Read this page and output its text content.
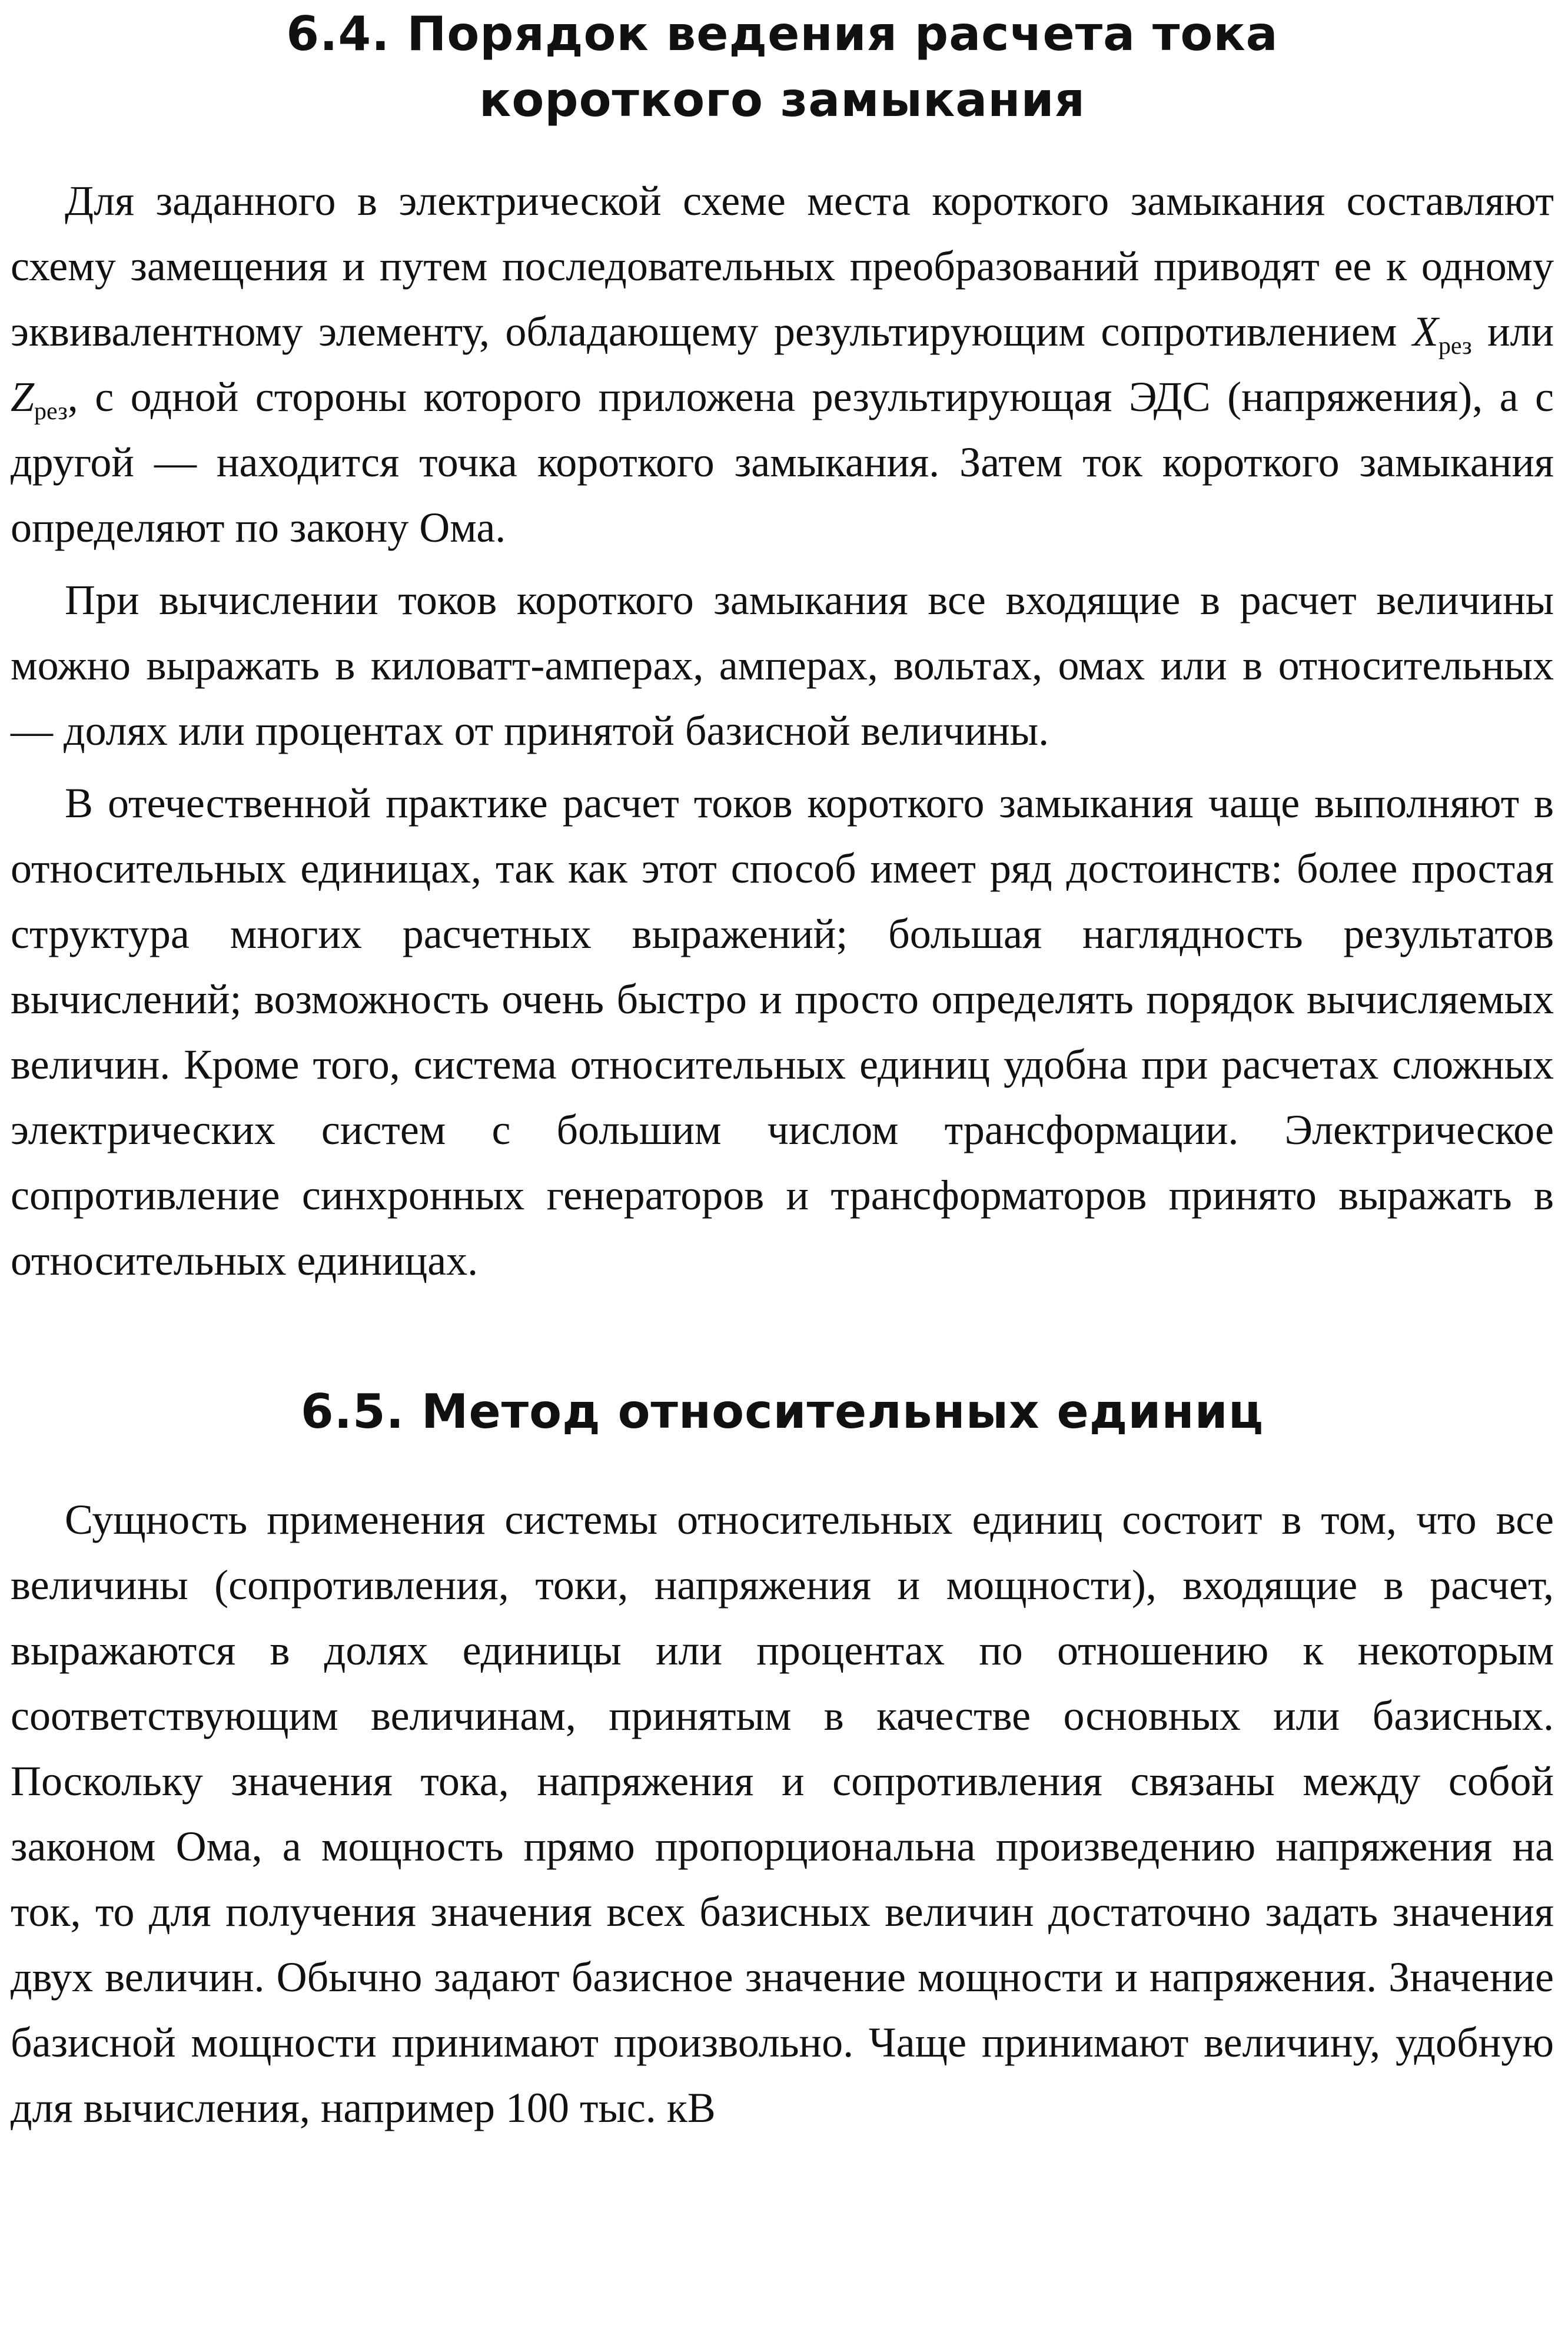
6.4. Порядок ведения расчета тока
короткого замыкания

Для заданного в электрической схеме места короткого замыкания составляют схему замещения и путем последовательных преобразований приводят ее к одному эквивалентному элементу, обладающему результирующим сопротивлением $X_{рез}$ или $Z_{рез}$, с одной стороны которого приложена результирующая ЭДС (напряжения), а с другой — находится точка короткого замыкания. Затем ток короткого замыкания определяют по закону Ома.

При вычислении токов короткого замыкания все входящие в расчет величины можно выражать в киловатт-амперах, амперах, вольтах, омах или в относительных — долях или процентах от принятой базисной величины.

В отечественной практике расчет токов короткого замыкания чаще выполняют в относительных единицах, так как этот способ имеет ряд достоинств: более простая структура многих расчетных выражений; большая наглядность результатов вычислений; возможность очень быстро и просто определять порядок вычисляемых величин. Кроме того, система относительных единиц удобна при расчетах сложных электрических систем с большим числом трансформации. Электрическое сопротивление синхронных генераторов и трансформаторов принято выражать в относительных единицах.

6.5. Метод относительных единиц

Сущность применения системы относительных единиц состоит в том, что все величины (сопротивления, токи, напряжения и мощности), входящие в расчет, выражаются в долях единицы или процентах по отношению к некоторым соответствующим величинам, принятым в качестве основных или базисных. Поскольку значения тока, напряжения и сопротивления связаны между собой законом Ома, а мощность прямо пропорциональна произведению напряжения на ток, то для получения значения всех базисных величин достаточно задать значения двух величин. Обычно задают базисное значение мощности и напряжения. Значение базисной мощности принимают произвольно. Чаще принимают величину, удобную для вычисления, например 100 тыс. кВ
